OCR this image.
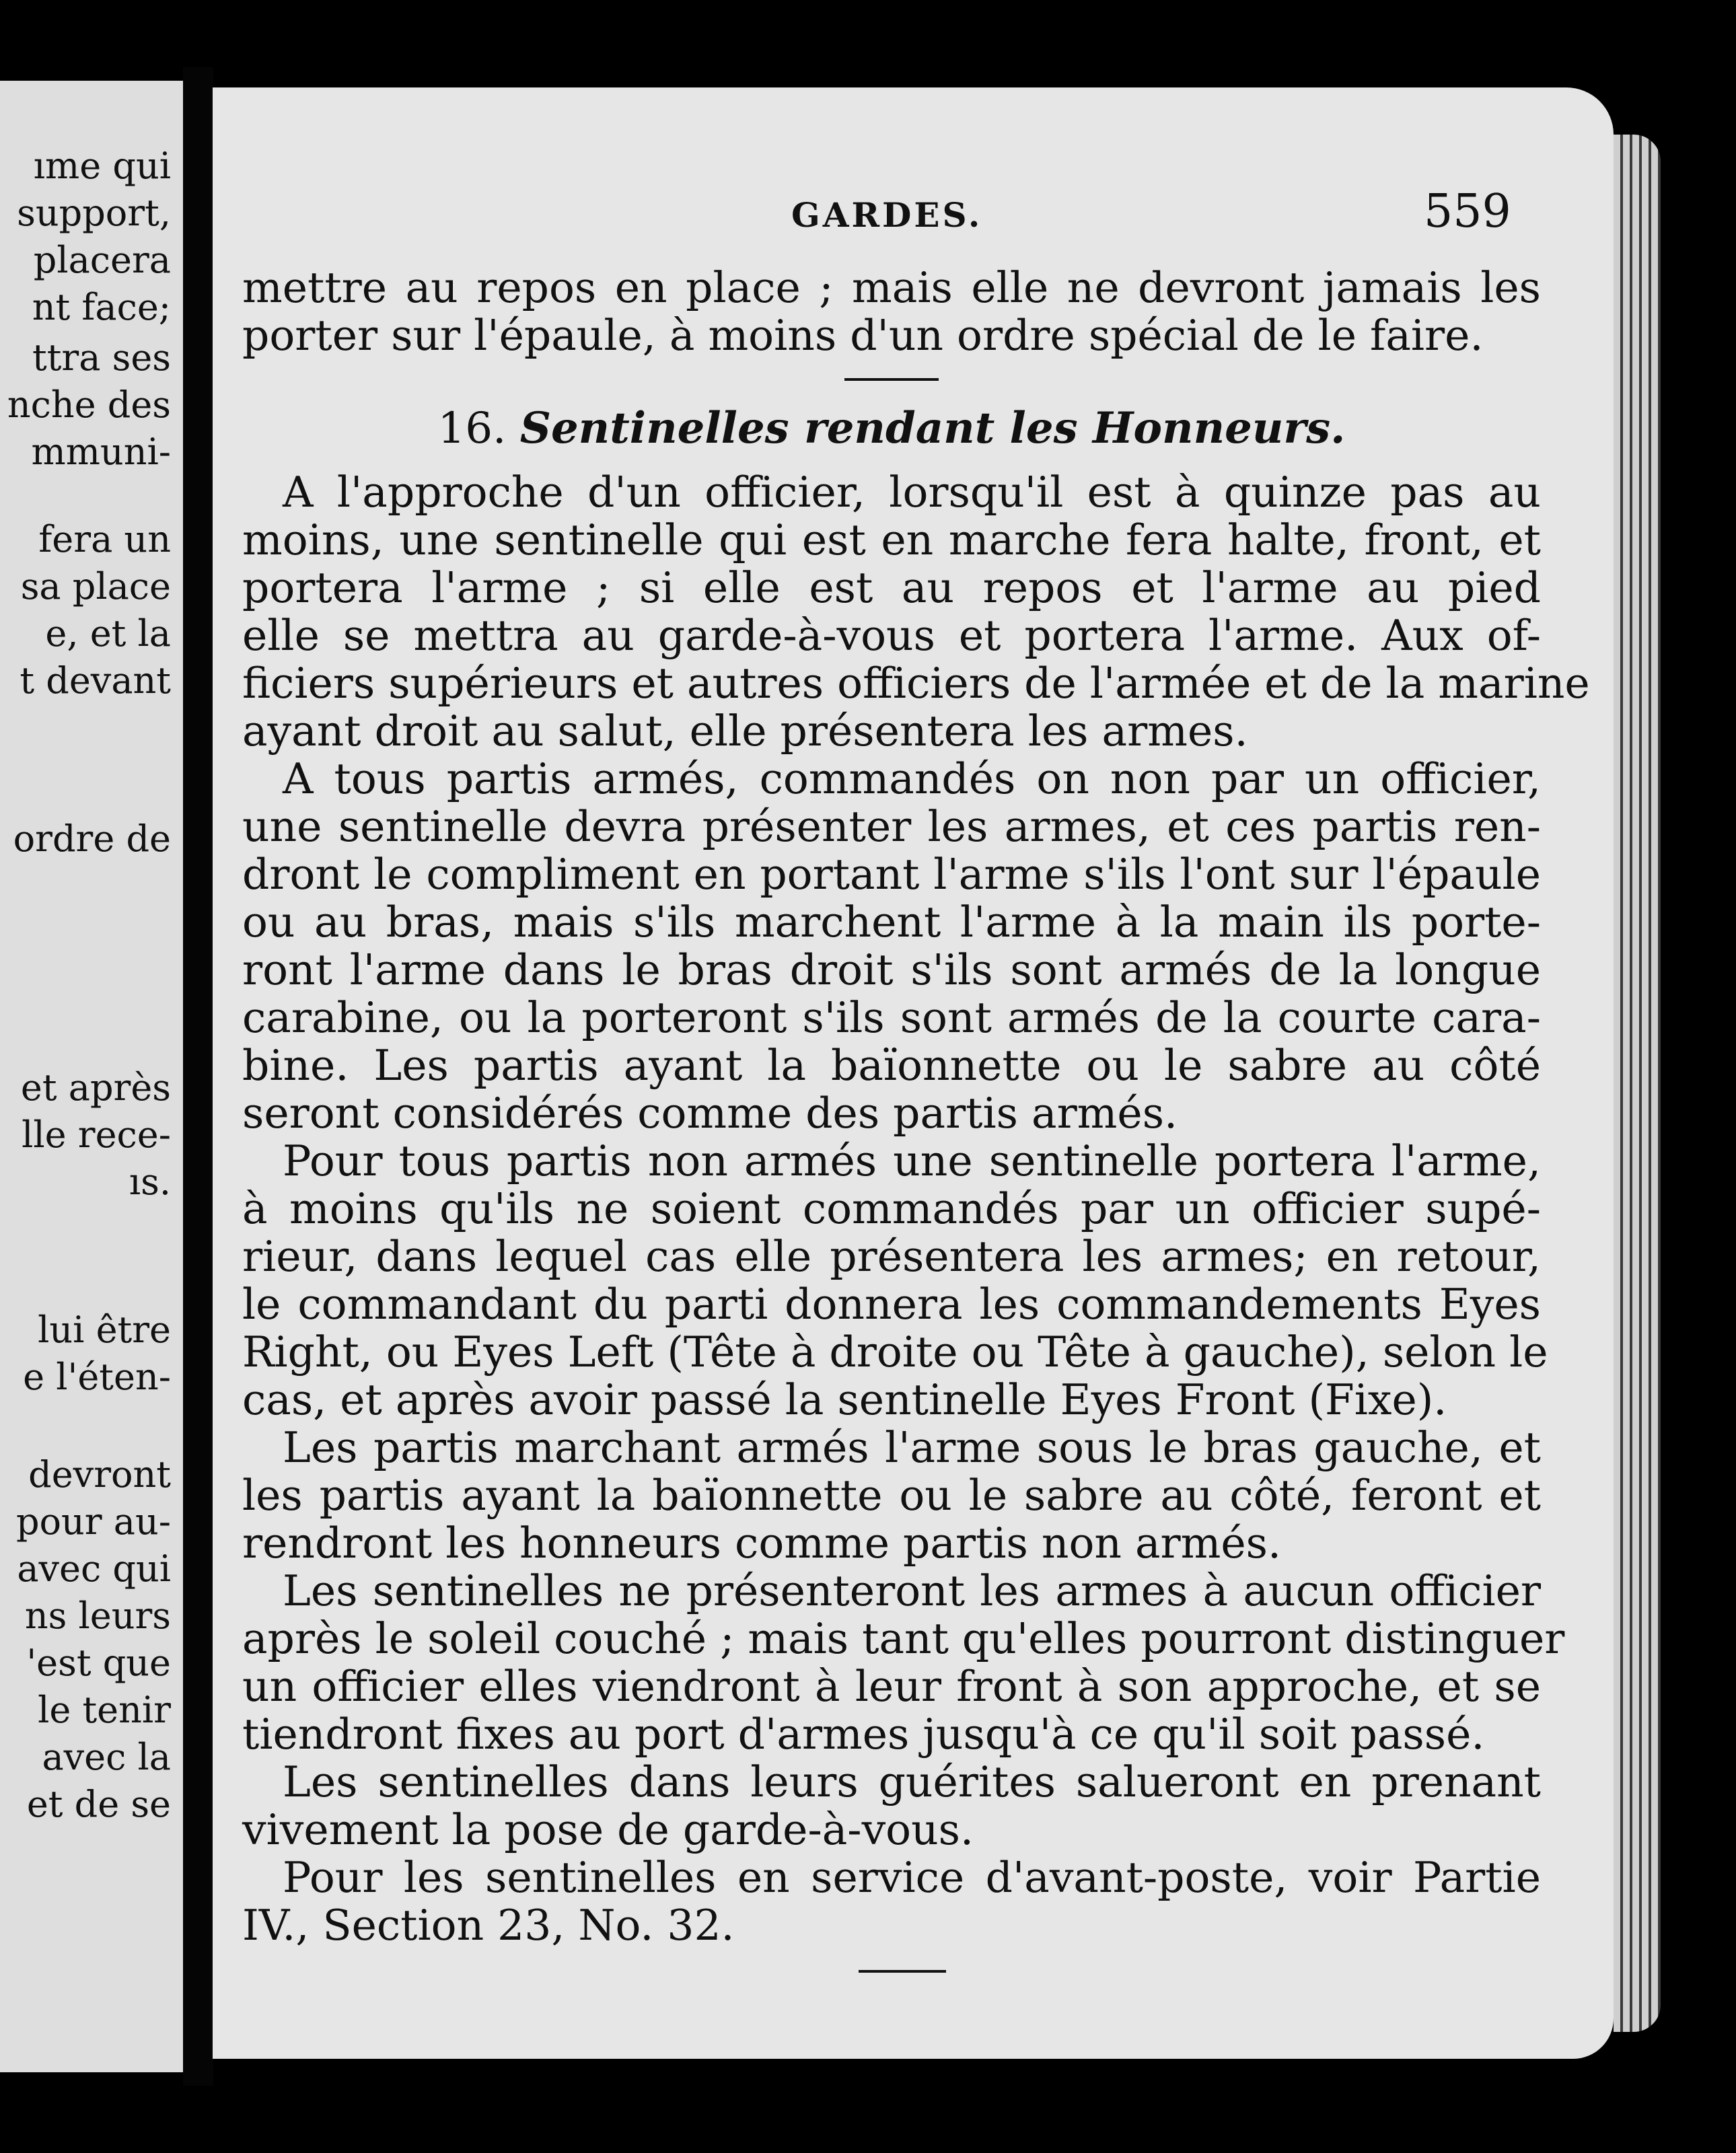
ıme qui
support,
placera
nt face;
ttra ses
nche des
mmuni-
fera un
sa place
e, et la
t devant
ordre de
et après
lle rece-
ıs.
lui être
e l'éten-
devront
pour au-
avec qui
ns leurs
'est que
le tenir
avec la
et de se
GARDES.	559
mettre au repos en place ; mais elle ne devront jamais les
porter sur l'épaule, à moins d'un ordre spécial de le faire.
16. Sentinelles rendant les Honneurs.
A l'approche d'un officier, lorsqu'il est à quinze pas au
moins, une sentinelle qui est en marche fera halte, front, et
portera l'arme ; si elle est au repos et l'arme au pied
elle se mettra au garde-à-vous et portera l'arme. Aux of-
ficiers supérieurs et autres officiers de l'armée et de la marine
ayant droit au salut, elle présentera les armes.
A tous partis armés, commandés on non par un officier,
une sentinelle devra présenter les armes, et ces partis ren-
dront le compliment en portant l'arme s'ils l'ont sur l'épaule
ou au bras, mais s'ils marchent l'arme à la main ils porte-
ront l'arme dans le bras droit s'ils sont armés de la longue
carabine, ou la porteront s'ils sont armés de la courte cara-
bine. Les partis ayant la baïonnette ou le sabre au côté
seront considérés comme des partis armés.
Pour tous partis non armés une sentinelle portera l'arme,
à moins qu'ils ne soient commandés par un officier supé-
rieur, dans lequel cas elle présentera les armes; en retour,
le commandant du parti donnera les commandements Eyes
Right, ou Eyes Left (Tête à droite ou Tête à gauche), selon le
cas, et après avoir passé la sentinelle Eyes Front (Fixe).
Les partis marchant armés l'arme sous le bras gauche, et
les partis ayant la baïonnette ou le sabre au côté, feront et
rendront les honneurs comme partis non armés.
Les sentinelles ne présenteront les armes à aucun officier
après le soleil couché ; mais tant qu'elles pourront distinguer
un officier elles viendront à leur front à son approche, et se
tiendront fixes au port d'armes jusqu'à ce qu'il soit passé.
Les sentinelles dans leurs guérites salueront en prenant
vivement la pose de garde-à-vous.
Pour les sentinelles en service d'avant-poste, voir Partie
IV., Section 23, No. 32.
